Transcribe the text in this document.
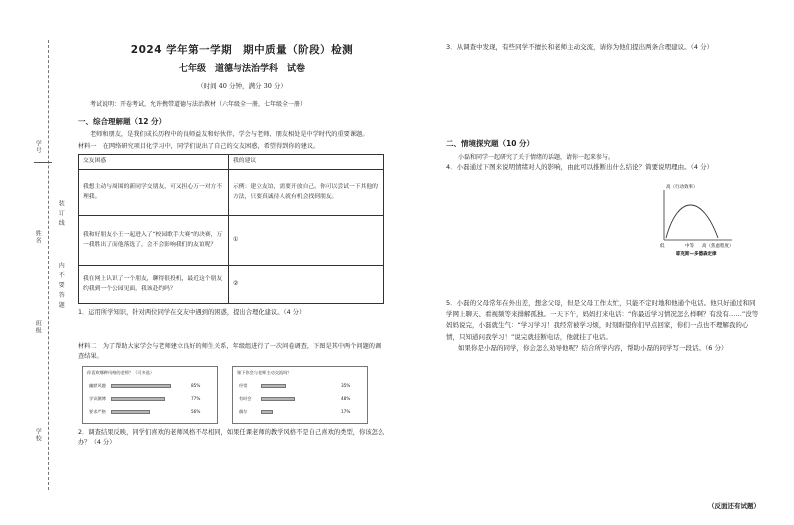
学号
姓名
班级
学校
装 订 线
内 不 要 答 题
2024 学年第一学期　期中质量（阶段）检测
七年级　道德与法治学科　试卷
（时间 40 分钟，满分 30 分）
考试说明：开卷考试，允许携带道德与法治教材（六年级全一册，七年级全一册）
一、综合理解题（12 分）
老师和朋友，是我们成长历程中的良师益友和好伙伴，学会与老师、朋友相处是中学时代的重要课题。
材料一　在网络研究项目化学习中，同学们说出了自己的交友困惑，希望得到你的建议。
交友困惑	我的建议
我想主动与周围的新同学交朋友，可又担心万一对方不理我。	示例：建立友谊，需要开放自己。你可以尝试一下其他的方法，只要真诚待人就有机会找到朋友。
我和好朋友小王一起进入了“校园歌手大赛”的决赛，万一我胜出了而他落选了，会不会影响我们的友谊呢？	①
我在网上认识了一个朋友，聊得很投机，最近这个朋友约我到一个公园见面，我该赴约吗？	②
1．运用所学知识，针对两位同学在交友中遇到的困惑，提出合理化建议。（4 分）
材料二　为了帮助大家学会与老师建立良好的师生关系，年级组进行了一次问卷调查，下图是其中两个问题的调查结果。
你喜欢哪种风格的老师？（可多选）
幽默风趣	85%
学识渊博	77%
要求严格	56%
课下你会与老师主动交流吗？
经常	35%
有时会	48%
偶尔	17%
2．调查结果反映，同学们喜欢的老师风格不尽相同，如果任课老师的教学风格不是自己喜欢的类型，你该怎么办？（4 分）
3．从调查中发现，有些同学不擅长和老师主动交流，请你为他们提出两条合理建议。（4 分）
二、情境探究题（10 分）
小磊和同学一起研究了关于情绪的话题，请你一起来参与。
4．小磊通过下图来说明情绪对人的影响，由此可以推断出什么结论？简要说明理由。（4 分）
高（行动效率）
低	中等 高（焦虑程度）
耶克斯—多德森定律
5．小磊的父母常年在外出差，想念父母，但是父母工作太忙，只能不定时地和他通个电话。他只好通过和同学网上聊天、看视频等来排解孤独。一天下午，妈妈打来电话：“你最近学习情况怎么样啊？有没有……”没等妈妈说完，小磊就生气：“学习学习！我经常被学习烦，时刻盼望你们早点回家，你们一点也不理解我的心情，只知道问我学习！”说完就挂断电话，他就挂了电话。
如果你是小磊的同学，你会怎么劝导他呢？结合所学内容，帮助小磊的同学写一段话。（6 分）
（反面还有试题）
